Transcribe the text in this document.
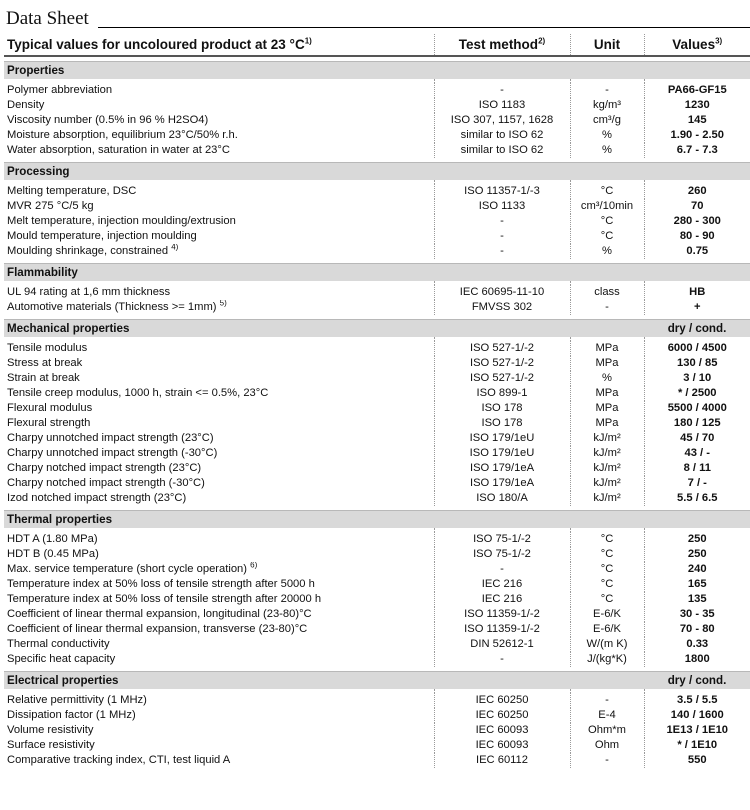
Data Sheet
Typical values for uncoloured product at 23 $^\circ C^{1)}$	Test method$^{2)}$	Unit	Values$^{3)}$

Properties			

Polymer abbreviation	-	-	PA66-GF15
Density	ISO 1183	kg/m³	1230
Viscosity number (0.5% in 96 % H2SO4)	ISO 307, 1157, 1628	cm³/g	145
Moisture absorption, equilibrium 23°C/50% r.h.	similar to ISO 62	%	1.90 - 2.50
Water absorption, saturation in water at 23°C	similar to ISO 62	%	6.7 - 7.3

Processing			

Melting temperature, DSC	ISO 11357-1/-3	°C	260
MVR 275 °C/5 kg	ISO 1133	cm³/10min	70
Melt temperature, injection moulding/extrusion	-	°C	280 - 300
Mould temperature, injection moulding	-	°C	80 - 90
Moulding shrinkage, constrained $^{4)}$	-	%	0.75

Flammability			

UL 94 rating at 1,6 mm thickness	IEC 60695-11-10	class	HB
Automotive materials (Thickness >= 1mm) $^{5)}$	FMVSS 302	-	+

Mechanical properties			dry / cond.

Tensile modulus	ISO 527-1/-2	MPa	6000 / 4500
Stress at break	ISO 527-1/-2	MPa	130 / 85
Strain at break	ISO 527-1/-2	%	3 / 10
Tensile creep modulus, 1000 h, strain <= 0.5%, 23°C	ISO 899-1	MPa	* / 2500
Flexural modulus	ISO 178	MPa	5500 / 4000
Flexural strength	ISO 178	MPa	180 / 125
Charpy unnotched impact strength (23°C)	ISO 179/1eU	kJ/m²	45 / 70
Charpy unnotched impact strength (-30°C)	ISO 179/1eU	kJ/m²	43 / -
Charpy notched impact strength (23°C)	ISO 179/1eA	kJ/m²	8 / 11
Charpy notched impact strength (-30°C)	ISO 179/1eA	kJ/m²	7 / -
Izod notched impact strength (23°C)	ISO 180/A	kJ/m²	5.5 / 6.5

Thermal properties			

HDT A (1.80 MPa)	ISO 75-1/-2	°C	250
HDT B (0.45 MPa)	ISO 75-1/-2	°C	250
Max. service temperature (short cycle operation) $^{6)}$	-	°C	240
Temperature index at 50% loss of tensile strength after 5000 h	IEC 216	°C	165
Temperature index at 50% loss of tensile strength after 20000 h	IEC 216	°C	135
Coefficient of linear thermal expansion, longitudinal (23-80)°C	ISO 11359-1/-2	E-6/K	30 - 35
Coefficient of linear thermal expansion, transverse (23-80)°C	ISO 11359-1/-2	E-6/K	70 - 80
Thermal conductivity	DIN 52612-1	W/(m K)	0.33
Specific heat capacity	-	J/(kg*K)	1800

Electrical properties			dry / cond.

Relative permittivity (1 MHz)	IEC 60250	-	3.5 / 5.5
Dissipation factor (1 MHz)	IEC 60250	E-4	140 / 1600
Volume resistivity	IEC 60093	Ohm*m	1E13 / 1E10
Surface resistivity	IEC 60093	Ohm	* / 1E10
Comparative tracking index, CTI, test liquid A	IEC 60112	-	550
